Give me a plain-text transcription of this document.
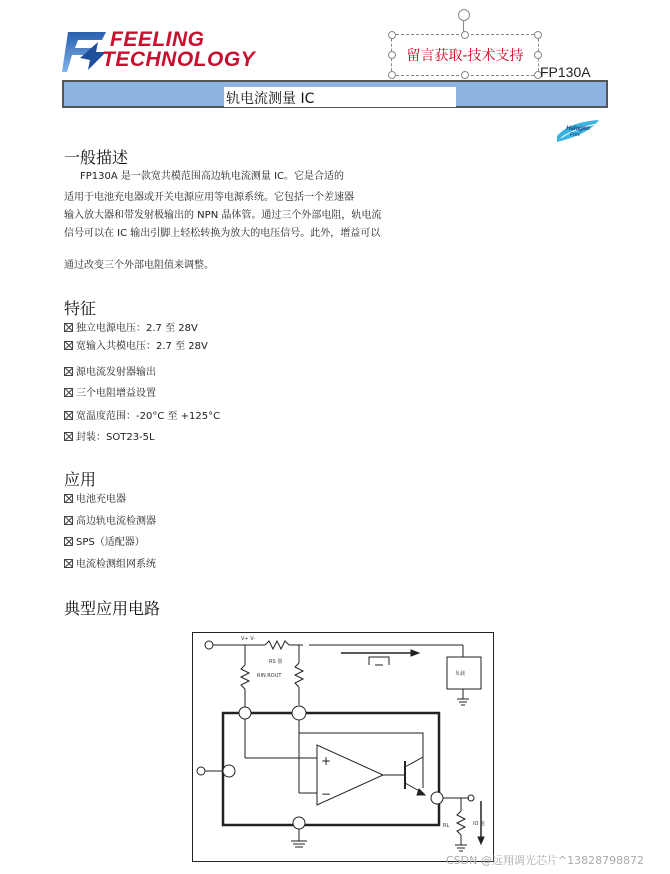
FEELING
TECHNOLOGY	留言获取-技术支持
FP130A
轨电流测量 IC
Halogen
Free
一般描述
FP130A 是一款宽共模范围高边轨电流测量 IC。它是合适的
适用于电池充电器或开关电源应用等电源系统。它包括一个差速器
输入放大器和带发射极输出的 NPN 晶体管。通过三个外部电阻，轨电流
信号可以在 IC 输出引脚上轻松转换为放大的电压信号。此外，增益可以
通过改变三个外部电阻值来调整。
特征
独立电源电压：2.7 至 28V
宽输入共模电压：2.7 至 28V
源电流发射器输出
三个电阻增益设置
宽温度范围：-20°C 至 +125°C
封装：SOT23-5L
应用
电池充电器
高边轨电流检测器
SPS（适配器）
电流检测组网系统
典型应用电路
V+ V-
RS 器
RIN ROUT	负载
RL	IO 电
+
−
CSDN @远翔调光芯片^13828798872
